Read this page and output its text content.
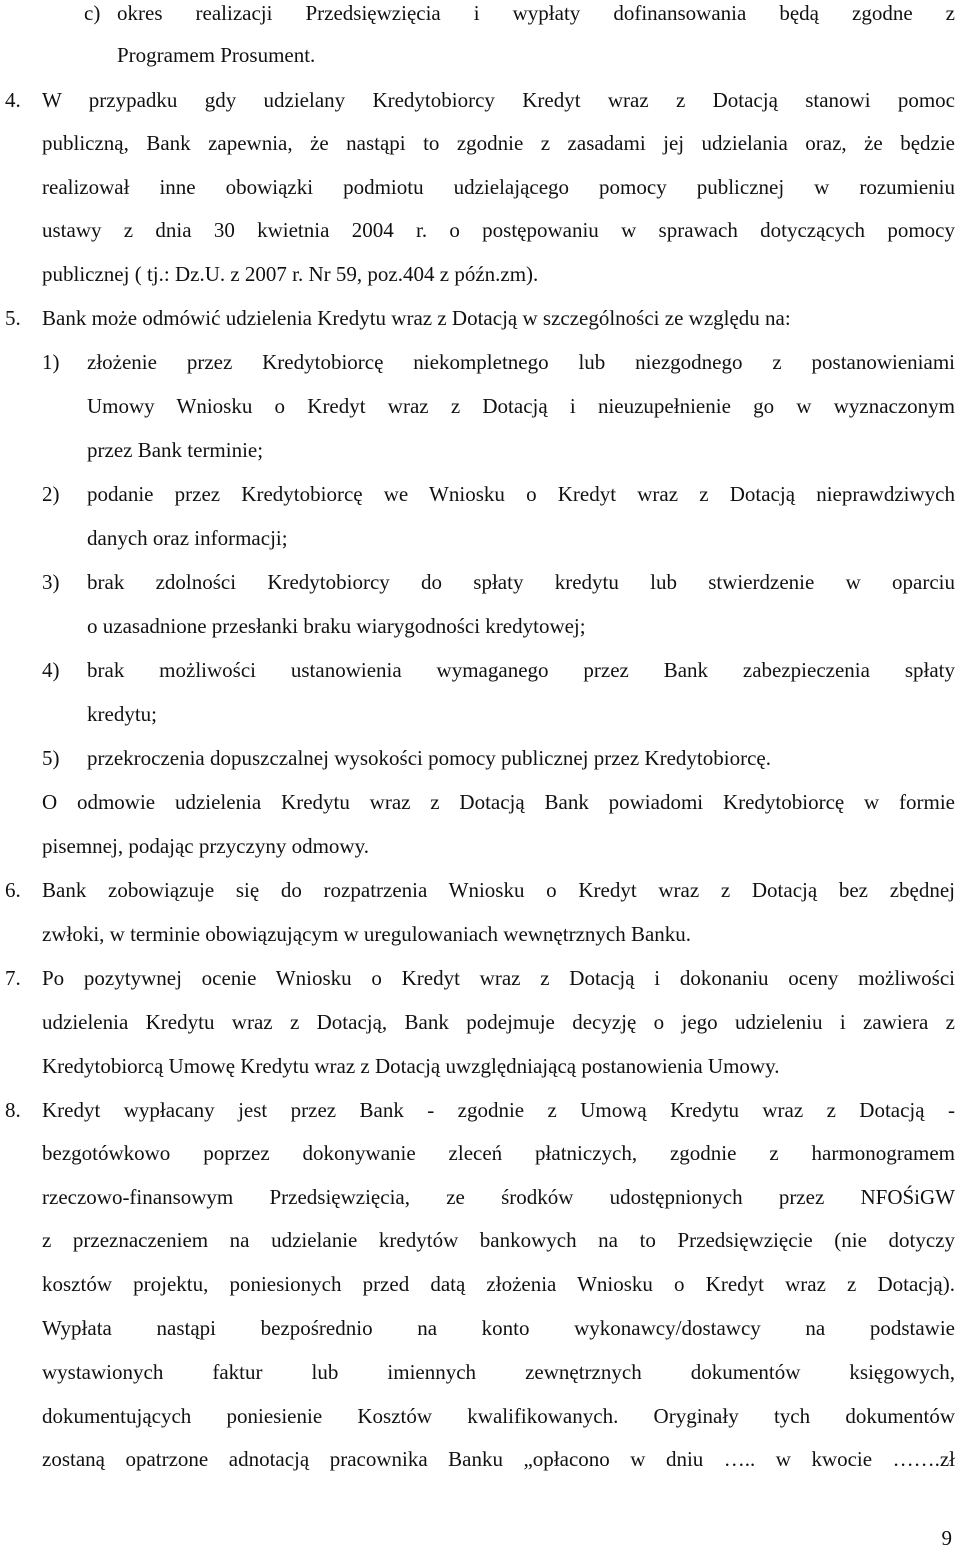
c) okres realizacji Przedsięwzięcia i wypłaty dofinansowania będą zgodne z
Programem Prosument.
4. W przypadku gdy udzielany Kredytobiorcy Kredyt wraz z Dotacją stanowi pomoc
publiczną, Bank zapewnia, że nastąpi to zgodnie z zasadami jej udzielania oraz, że będzie
realizował inne obowiązki podmiotu udzielającego pomocy publicznej w rozumieniu
ustawy z dnia 30 kwietnia 2004 r. o postępowaniu w sprawach dotyczących pomocy
publicznej ( tj.: Dz.U. z 2007 r. Nr 59, poz.404 z późn.zm).
5. Bank może odmówić udzielenia Kredytu wraz z Dotacją w szczególności ze względu na:
1) złożenie przez Kredytobiorcę niekompletnego lub niezgodnego z postanowieniami
Umowy Wniosku o Kredyt wraz z Dotacją i nieuzupełnienie go w wyznaczonym
przez Bank terminie;
2) podanie przez Kredytobiorcę we Wniosku o Kredyt wraz z Dotacją nieprawdziwych
danych oraz informacji;
3) brak zdolności Kredytobiorcy do spłaty kredytu lub stwierdzenie w oparciu
o uzasadnione przesłanki braku wiarygodności kredytowej;
4) brak możliwości ustanowienia wymaganego przez Bank zabezpieczenia spłaty
kredytu;
5) przekroczenia dopuszczalnej wysokości pomocy publicznej przez Kredytobiorcę.
O odmowie udzielenia Kredytu wraz z Dotacją Bank powiadomi Kredytobiorcę w formie
pisemnej, podając przyczyny odmowy.
6. Bank zobowiązuje się do rozpatrzenia Wniosku o Kredyt wraz z Dotacją bez zbędnej
zwłoki, w terminie obowiązującym w uregulowaniach wewnętrznych Banku.
7. Po pozytywnej ocenie Wniosku o Kredyt wraz z Dotacją i dokonaniu oceny możliwości
udzielenia Kredytu wraz z Dotacją, Bank podejmuje decyzję o jego udzieleniu i zawiera z
Kredytobiorcą Umowę Kredytu wraz z Dotacją uwzględniającą postanowienia Umowy.
8. Kredyt wypłacany jest przez Bank - zgodnie z Umową Kredytu wraz z Dotacją -
bezgotówkowo poprzez dokonywanie zleceń płatniczych, zgodnie z harmonogramem
rzeczowo-finansowym Przedsięwzięcia, ze środków udostępnionych przez NFOŚiGW
z przeznaczeniem na udzielanie kredytów bankowych na to Przedsięwzięcie (nie dotyczy
kosztów projektu, poniesionych przed datą złożenia Wniosku o Kredyt wraz z Dotacją).
Wypłata nastąpi bezpośrednio na konto wykonawcy/dostawcy na podstawie
wystawionych faktur lub imiennych zewnętrznych dokumentów księgowych,
dokumentujących poniesienie Kosztów kwalifikowanych. Oryginały tych dokumentów
zostaną opatrzone adnotacją pracownika Banku „opłacono w dniu ….. w kwocie …….zł
9
